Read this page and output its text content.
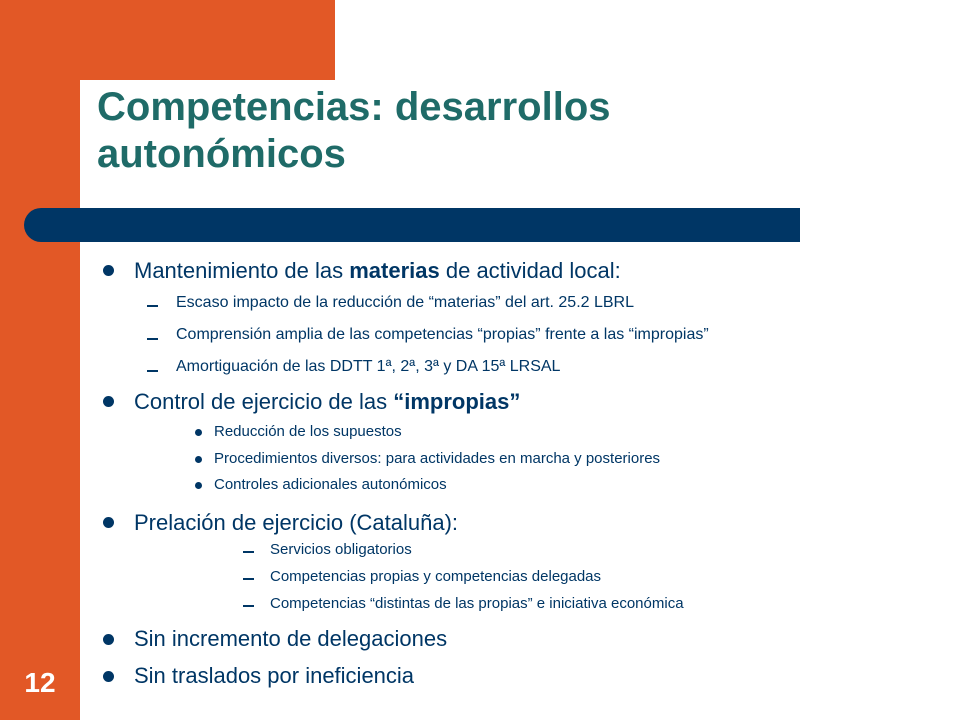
Competencias: desarrollos autonómicos
12
Mantenimiento de las materias de actividad local:
Escaso impacto de la reducción de “materias” del art. 25.2 LBRL
Comprensión amplia de las competencias “propias” frente a las “impropias”
Amortiguación de las DDTT 1ª, 2ª, 3ª y DA 15ª LRSAL
Control de ejercicio de las “impropias”
Reducción de los supuestos
Procedimientos diversos: para actividades en marcha y posteriores
Controles adicionales autonómicos
Prelación de ejercicio (Cataluña):
Servicios obligatorios
Competencias propias y competencias delegadas
Competencias “distintas de las propias” e iniciativa económica
Sin incremento de delegaciones
Sin traslados por ineficiencia
